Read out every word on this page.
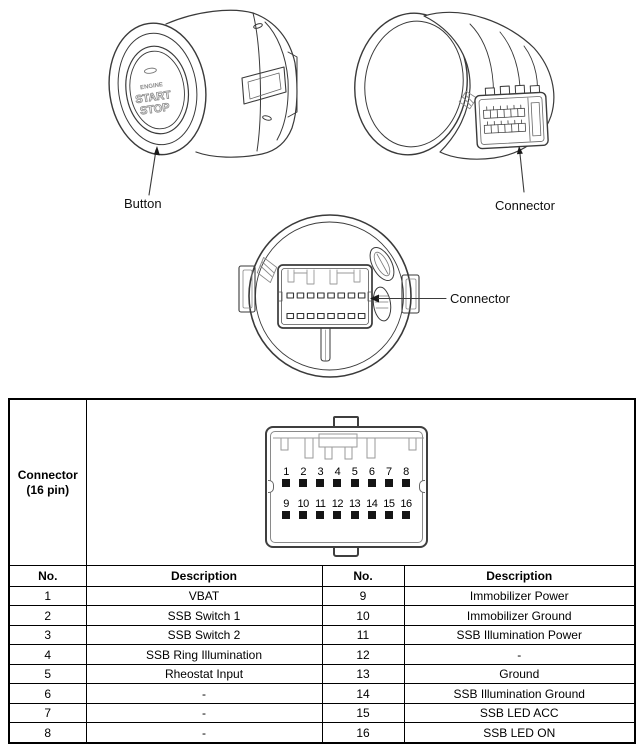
ENGINE
START
STOP
Button	Connector
Connector
Connector
(16 pin)

1	2	3	4	5	6	7	8
9 10 11 12 13 14 15 16

No.	Description	No.	Description
1	VBAT	9	Immobilizer Power
2	SSB Switch 1	10	Immobilizer Ground
3	SSB Switch 2	11	SSB Illumination Power
4	SSB Ring Illumination	12	-
5	Rheostat Input	13	Ground
6	-	14	SSB Illumination Ground
7	-	15	SSB LED ACC
8	-	16	SSB LED ON
